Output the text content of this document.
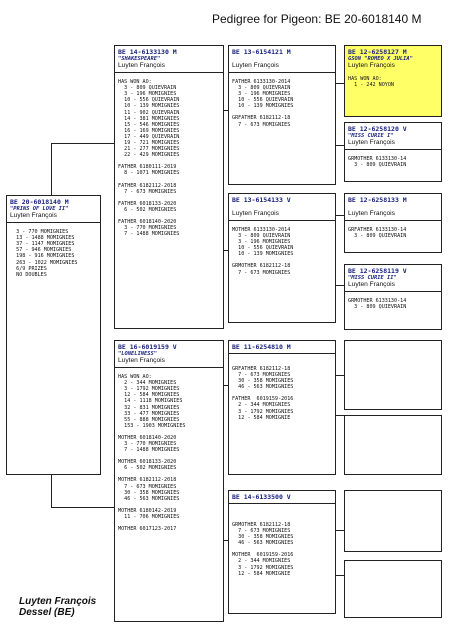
Pedigree for Pigeon: BE 20-6018140 M
BE 20-6018140 M
"PRINS OF LOVE II"
Luyten François
3 - 770 MOMIGNIES
13 - 1488 MOMIGNIES
37 - 1147 MOMIGNIES
57 - 946 MOMIGNIES
198 - 916 MOMIGNIES
263 - 1022 MOMIGNIES
6/9 PRIZES
NO DOUBLES
BE 14-6133130 M
"SHAKESPEARE"
Luyten François
HAS WON AO:
3 - 809 QUIEVRAIN
3 - 196 MOMIGNIES
10 - 556 QUIEVRAIN
10 - 139 MOMIGNIES
11 - 902 QUIEVRAIN
14 - 381 MOMIGNIES
15 - 546 MOMIGNIES
16 - 169 MOMIGNIES
17 - 449 QUIEVRAIN
19 - 721 MOMIGNIES
21 - 277 MOMIGNIES
22 - 429 MOMIGNIES
FATHER 6180111-2019
8 - 1071 MOMIGNIES
FATHER 6182112-2018
7 - 673 MOMIGNIES
FATHER 6018133-2020
6 - 502 MOMIGNIES
FATHER 6018140-2020
3 - 770 MOMIGNIES
7 - 1488 MOMIGNIES
BE 16-6019159 V
"LONELINESS"
Luyten François
HAS WON AO:
2 - 344 MOMIGNIES
3 - 1792 MOMIGNIES
12 - 584 MOMIGNIES
14 - 1118 MOMIGNIES
32 - 831 MOMIGNIES
33 - 477 MOMIGNIES
55 - 888 MOMIGNIES
153 - 1903 MOMIGNIES
MOTHER 6018140-2020
3 - 770 MOMIGNIES
7 - 1488 MOMIGNIES
MOTHER 6018133-2020
6 - 502 MOMIGNIES
MOTHER 6182112-2018
7 - 673 MOMIGNIES
30 - 358 MOMIGNIES
46 - 563 MOMIGNIES
MOTHER 6180142-2019
11 - 706 MOMIGNIES
MOTHER 6017123-2017
BE 13-6154121 M
Luyten François
FATHER 6133130-2014
3 - 809 QUIEVRAIN
3 - 196 MOMIGNIES
10 - 556 QUIEVRAIN
10 - 139 MOMIGNIES
GRFATHER 6182112-18
7 - 673 MOMIGNIES
BE 13-6154133 V
Luyten François
MOTHER 6133130-2014
3 - 809 QUIEVRAIN
3 - 196 MOMIGNIES
10 - 556 QUIEVRAIN
10 - 139 MOMIGNIES
GRMOTHER 6182112-18
7 - 673 MOMIGNIES
BE 11-6254810 M
GRFATHER 6182112-18
7 - 673 MOMIGNIES
30 - 358 MOMIGNIES
46 - 563 MOMIGNIES
FATHER  6019159-2016
2 - 344 MOMIGNIES
3 - 1792 MOMIGNIES
12 - 584 MOMIGNIE
BE 14-6133500 V
GRMOTHER 6182112-18
7 - 673 MOMIGNIES
30 - 358 MOMIGNIES
46 - 563 MOMIGNIES
MOTHER  6019159-2016
2 - 344 MOMIGNIES
3 - 1792 MOMIGNIES
12 - 584 MOMIGNIE
BE 12-6258127 M
GSON "ROMEO X JULIA"
Luyten François
HAS WON AO:
1 - 242 NOYON
BE 12-6258120 V
"MISS CURIE I"
Luyten François
GRMOTHER 6133130-14
3 - 809 QUIEVRAIN
BE 12-6258133 M
Luyten François
GRFATHER 6133130-14
3 - 809 QUIEVRAIN
BE 12-6258119 V
"MISS CURIE II"
Luyten François
GRMOTHER 6133130-14
3 - 809 QUIEVRAIN
Luyten François
Dessel (BE)
